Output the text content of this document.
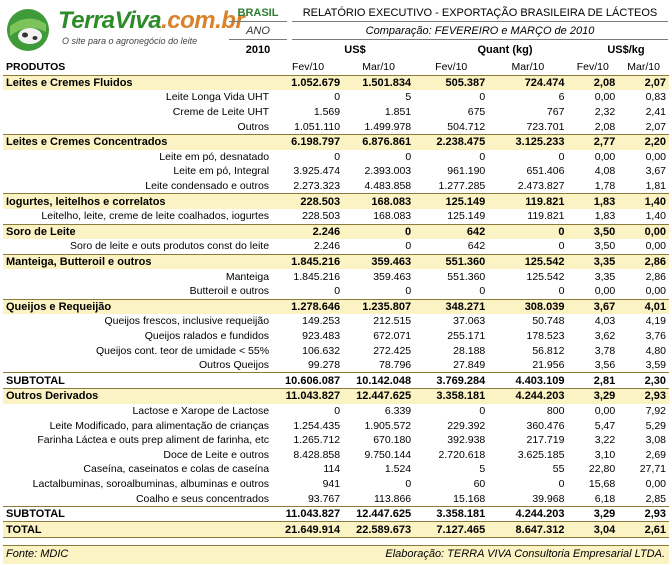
TerraViva.com.br
O site para o agronegócio do leite
BRASIL
ANO
2010
RELATÓRIO EXECUTIVO - EXPORTAÇÃO BRASILEIRA DE LÁCTEOS
Comparação: FEVEREIRO e MARÇO de 2010
US$	Quant (kg)	US$/kg
PRODUTOS	Fev/10	Mar/10	Fev/10	Mar/10	Fev/10	Mar/10
Leites e Cremes Fluidos	1.052.679	1.501.834	505.387	724.474	2,08	2,07
Leite Longa Vida UHT	0	5	0	6	0,00	0,83
Creme de Leite UHT	1.569	1.851	675	767	2,32	2,41
Outros	1.051.110	1.499.978	504.712	723.701	2,08	2,07
Leites e Cremes Concentrados	6.198.797	6.876.861	2.238.475	3.125.233	2,77	2,20
Leite em pó, desnatado	0	0	0	0	0,00	0,00
Leite em pó, Integral	3.925.474	2.393.003	961.190	651.406	4,08	3,67
Leite condensado e outros	2.273.323	4.483.858	1.277.285	2.473.827	1,78	1,81
Iogurtes, leitelhos e correlatos	228.503	168.083	125.149	119.821	1,83	1,40
Leitelho, leite, creme de leite coalhados, iogurtes	228.503	168.083	125.149	119.821	1,83	1,40
Soro de Leite	2.246	0	642	0	3,50	0,00
Soro de leite e outs produtos const do leite	2.246	0	642	0	3,50	0,00
Manteiga, Butteroil e outros	1.845.216	359.463	551.360	125.542	3,35	2,86
Manteiga	1.845.216	359.463	551.360	125.542	3,35	2,86
Butteroil e outros	0	0	0	0	0,00	0,00
Queijos e Requeijão	1.278.646	1.235.807	348.271	308.039	3,67	4,01
Queijos frescos, inclusive requeijão	149.253	212.515	37.063	50.748	4,03	4,19
Queijos ralados e fundidos	923.483	672.071	255.171	178.523	3,62	3,76
Queijos cont. teor de umidade < 55%	106.632	272.425	28.188	56.812	3,78	4,80
Outros Queijos	99.278	78.796	27.849	21.956	3,56	3,59
SUBTOTAL	10.606.087	10.142.048	3.769.284	4.403.109	2,81	2,30
Outros Derivados	11.043.827	12.447.625	3.358.181	4.244.203	3,29	2,93
Lactose e Xarope de Lactose	0	6.339	0	800	0,00	7,92
Leite Modificado, para alimentação de crianças	1.254.435	1.905.572	229.392	360.476	5,47	5,29
Farinha Láctea e outs prep aliment de farinha, etc	1.265.712	670.180	392.938	217.719	3,22	3,08
Doce de Leite e outros	8.428.858	9.750.144	2.720.618	3.625.185	3,10	2,69
Caseína, caseinatos e colas de caseína	114	1.524	5	55	22,80	27,71
Lactalbuminas, soroalbuminas, albuminas e outros	941	0	60	0	15,68	0,00
Coalho e seus concentrados	93.767	113.866	15.168	39.968	6,18	2,85
SUBTOTAL	11.043.827	12.447.625	3.358.181	4.244.203	3,29	2,93
TOTAL	21.649.914	22.589.673	7.127.465	8.647.312	3,04	2,61
Fonte: MDIC	Elaboração: TERRA VIVA Consultoria Empresarial LTDA.
